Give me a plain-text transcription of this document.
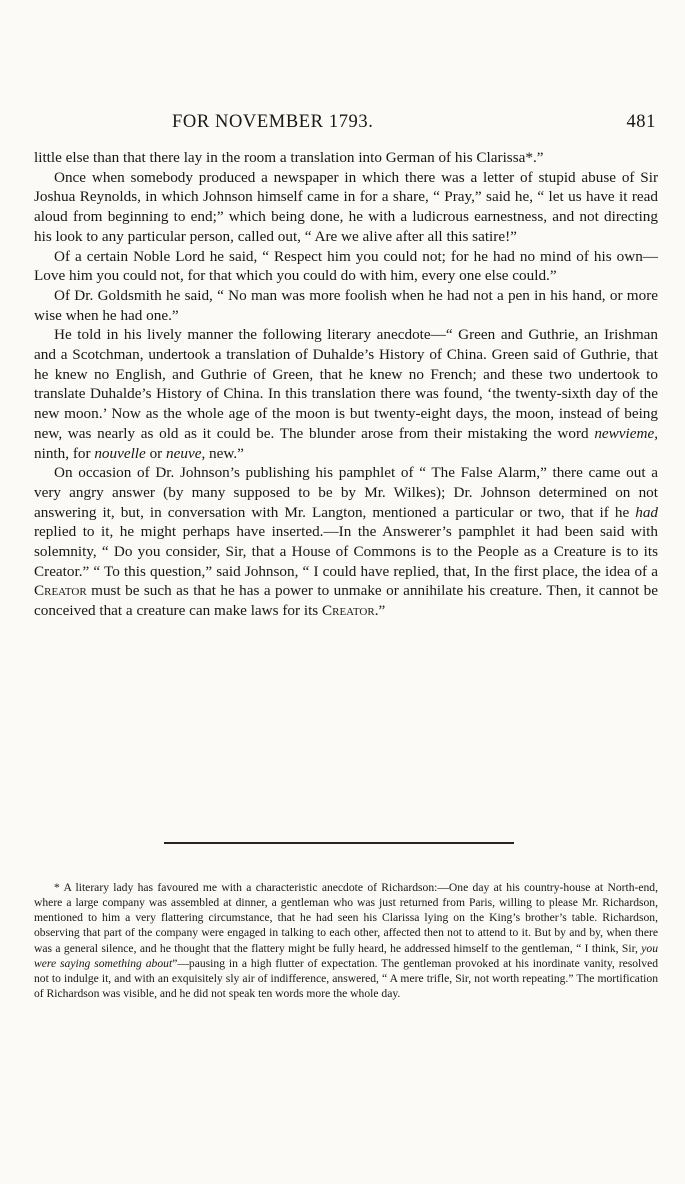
FOR NOVEMBER 1793.	481

little else than that there lay in the room a translation into German of his Clarissa*.”

Once when somebody produced a newspaper in which there was a letter of stupid abuse of Sir Joshua Reynolds, in which Johnson himself came in for a share, “ Pray,” said he, “ let us have it read aloud from beginning to end;” which being done, he with a ludicrous earnestness, and not directing his look to any particular person, called out, “ Are we alive after all this satire!”

Of a certain Noble Lord he said, “ Respect him you could not; for he had no mind of his own—Love him you could not, for that which you could do with him, every one else could.”

Of Dr. Goldsmith he said, “ No man was more foolish when he had not a pen in his hand, or more wise when he had one.”

He told in his lively manner the following literary anecdote—“ Green and Guthrie, an Irishman and a Scotchman, undertook a translation of Duhalde’s History of China. Green said of Guthrie, that he knew no English, and Guthrie of Green, that he knew no French; and these two undertook to translate Duhalde’s History of China. In this translation there was found, ‘the twenty-sixth day of the new moon.’ Now as the whole age of the moon is but twenty-eight days, the moon, instead of being new, was nearly as old as it could be. The blunder arose from their mistaking the word newvieme, ninth, for nouvelle or neuve, new.”

On occasion of Dr. Johnson’s publishing his pamphlet of “ The False Alarm,” there came out a very angry answer (by many supposed to be by Mr. Wilkes); Dr. Johnson determined on not answering it, but, in conversation with Mr. Langton, mentioned a particular or two, that if he had replied to it, he might perhaps have inserted.—In the Answerer’s pamphlet it had been said with solemnity, “ Do you consider, Sir, that a House of Commons is to the People as a Creature is to its Creator.” “ To this question,” said Johnson, “ I could have replied, that, In the first place, the idea of a Creator must be such as that he has a power to unmake or annihilate his creature. Then, it cannot be conceived that a creature can make laws for its Creator.”

* A literary lady has favoured me with a characteristic anecdote of Richardson:—One day at his country-house at North-end, where a large company was assembled at dinner, a gentleman who was just returned from Paris, willing to please Mr. Richardson, mentioned to him a very flattering circumstance, that he had seen his Clarissa lying on the King’s brother’s table. Richardson, observing that part of the company were engaged in talking to each other, affected then not to attend to it. But by and by, when there was a general silence, and he thought that the flattery might be fully heard, he addressed himself to the gentleman, “ I think, Sir, you were saying something about”—pausing in a high flutter of expectation. The gentleman provoked at his inordinate vanity, resolved not to indulge it, and with an exquisitely sly air of indifference, answered, “ A mere trifle, Sir, not worth repeating.” The mortification of Richardson was visible, and he did not speak ten words more the whole day.
